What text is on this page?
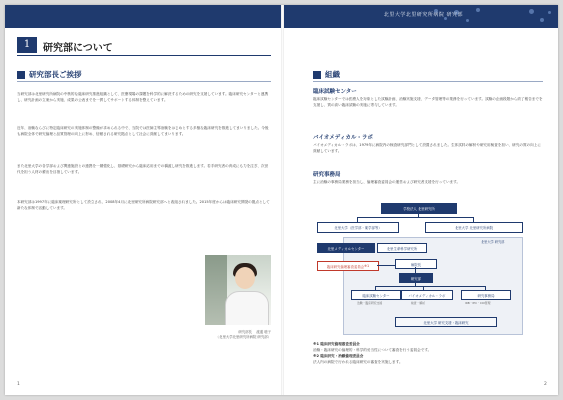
1	研究部について
研究部長ご挨拶
当研究部は北里研究所病院の中核的な臨床研究推進組織として、医療現場の課題を科学的に解決するための研究を支援しています。臨床研究センターと連携し、研究計画の立案から実施、成果の公表までを一貫してサポートする体制を整えています。
近年、治験ならびに特定臨床研究の実施体制の整備が求められる中で、当院では医師主導治験をはじめとする多様な臨床研究を推進してまいりました。今後も病院全体で研究倫理と品質管理の向上に努め、信頼される研究拠点として社会に貢献してまいります。
また北里大学の各学部および関連施設との連携を一層強化し、基礎研究から臨床応用までの橋渡し研究を推進します。若手研究者の育成にも力を注ぎ、次世代を担う人材の輩出を目指しています。
本研究部は1997年に臨床薬理研究所として設立され、2008年4月に北里研究所病院研究部へと改組されました。2015年度からは臨床研究開発の拠点として新たな体制で活動しています。
研究部長　 渡邊 聡子
（北里大学北里研究所病院 研究部）
1
北里大学北里研究所病院 研究部
組織
臨床試験センター
臨床試験センターでは医療人を対象とした試験計画、治験実施支援、データ管理等の業務を行っています。試験の企画段階から終了報告までを支援し、質の高い臨床試験の実施に寄与しています。
バイオメディカル・ラボ
バイオメディカル・ラボは、1979年に病院内の検査研究部門として設置されました。生体試料の解析や研究用検査を担い、研究の質の向上に貢献しています。
研究事務局
主に治験の事務局業務を担当し、倫理審査委員会の運営および研究者支援を行っています。
学校法人 北里研究所
北里大学（医学部・薬学部等）	北里大学 北里研究所病院
北里大学 研究部
北里メディカルセンター	北里生命科学研究所
臨床研究倫理審査委員会 ※1	病院長
研究部
臨床試験センター	バイオメディカル・ラボ	研究事務局
治験・臨床研究支援	検査・解析	IRB・IEC・COI管理
北里大学 研究支援・臨床研究
※1 臨床研究倫理審査委員会
治験・臨床研究の倫理的・科学的妥当性について審査を行う委員会です。
※2 臨床研究・治験倫理委員会
法人内の病院で行われる臨床研究の審査を実施します。
2
